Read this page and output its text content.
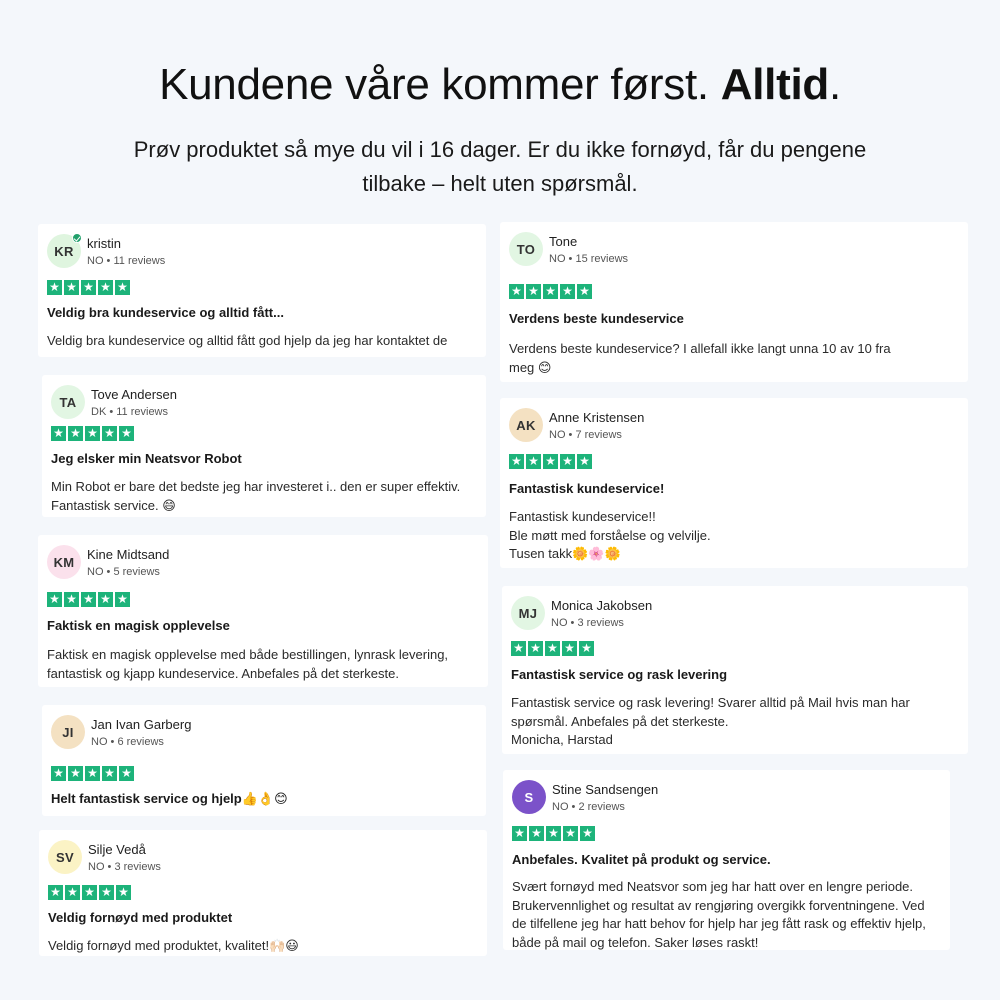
Kundene våre kommer først. Alltid.
Prøv produktet så mye du vil i 16 dager. Er du ikke fornøyd, får du pengene
tilbake – helt uten spørsmål.
KR	kristin
NO • 11 reviews
★ ★ ★ ★ ★
Veldig bra kundeservice og alltid fått...
Veldig bra kundeservice og alltid fått god hjelp da jeg har kontaktet de
TA	Tove Andersen
DK • 11 reviews
★ ★ ★ ★ ★
Jeg elsker min Neatsvor Robot
Min Robot er bare det bedste jeg har investeret i.. den er super effektiv.
Fantastisk service. 😄
KM Kine Midtsand
NO • 5 reviews
★ ★ ★ ★ ★
Faktisk en magisk opplevelse
Faktisk en magisk opplevelse med både bestillingen, lynrask levering,
fantastisk og kjapp kundeservice. Anbefales på det sterkeste.
JI	Jan Ivan Garberg
NO • 6 reviews
★ ★ ★ ★ ★
Helt fantastisk service og hjelp👍👌😊
SV	Silje Vedå
NO • 3 reviews
★ ★ ★ ★ ★
Veldig fornøyd med produktet
Veldig fornøyd med produktet, kvalitet!🙌🏻😃
TO	Tone
NO • 15 reviews
★ ★ ★ ★ ★
Verdens beste kundeservice
Verdens beste kundeservice? I allefall ikke langt unna 10 av 10 fra
meg 😊
AK	Anne Kristensen
NO • 7 reviews
★ ★ ★ ★ ★
Fantastisk kundeservice!
Fantastisk kundeservice!!
Ble møtt med forståelse og velvilje.
Tusen takk🌼🌸🌼
MJ	Monica Jakobsen
NO • 3 reviews
★ ★ ★ ★ ★
Fantastisk service og rask levering
Fantastisk service og rask levering! Svarer alltid på Mail hvis man har
spørsmål. Anbefales på det sterkeste.
Monicha, Harstad
S	Stine Sandsengen
NO • 2 reviews
★ ★ ★ ★ ★
Anbefales. Kvalitet på produkt og service.
Svært fornøyd med Neatsvor som jeg har hatt over en lengre periode.
Brukervennlighet og resultat av rengjøring overgikk forventningene. Ved
de tilfellene jeg har hatt behov for hjelp har jeg fått rask og effektiv hjelp,
både på mail og telefon. Saker løses raskt!
